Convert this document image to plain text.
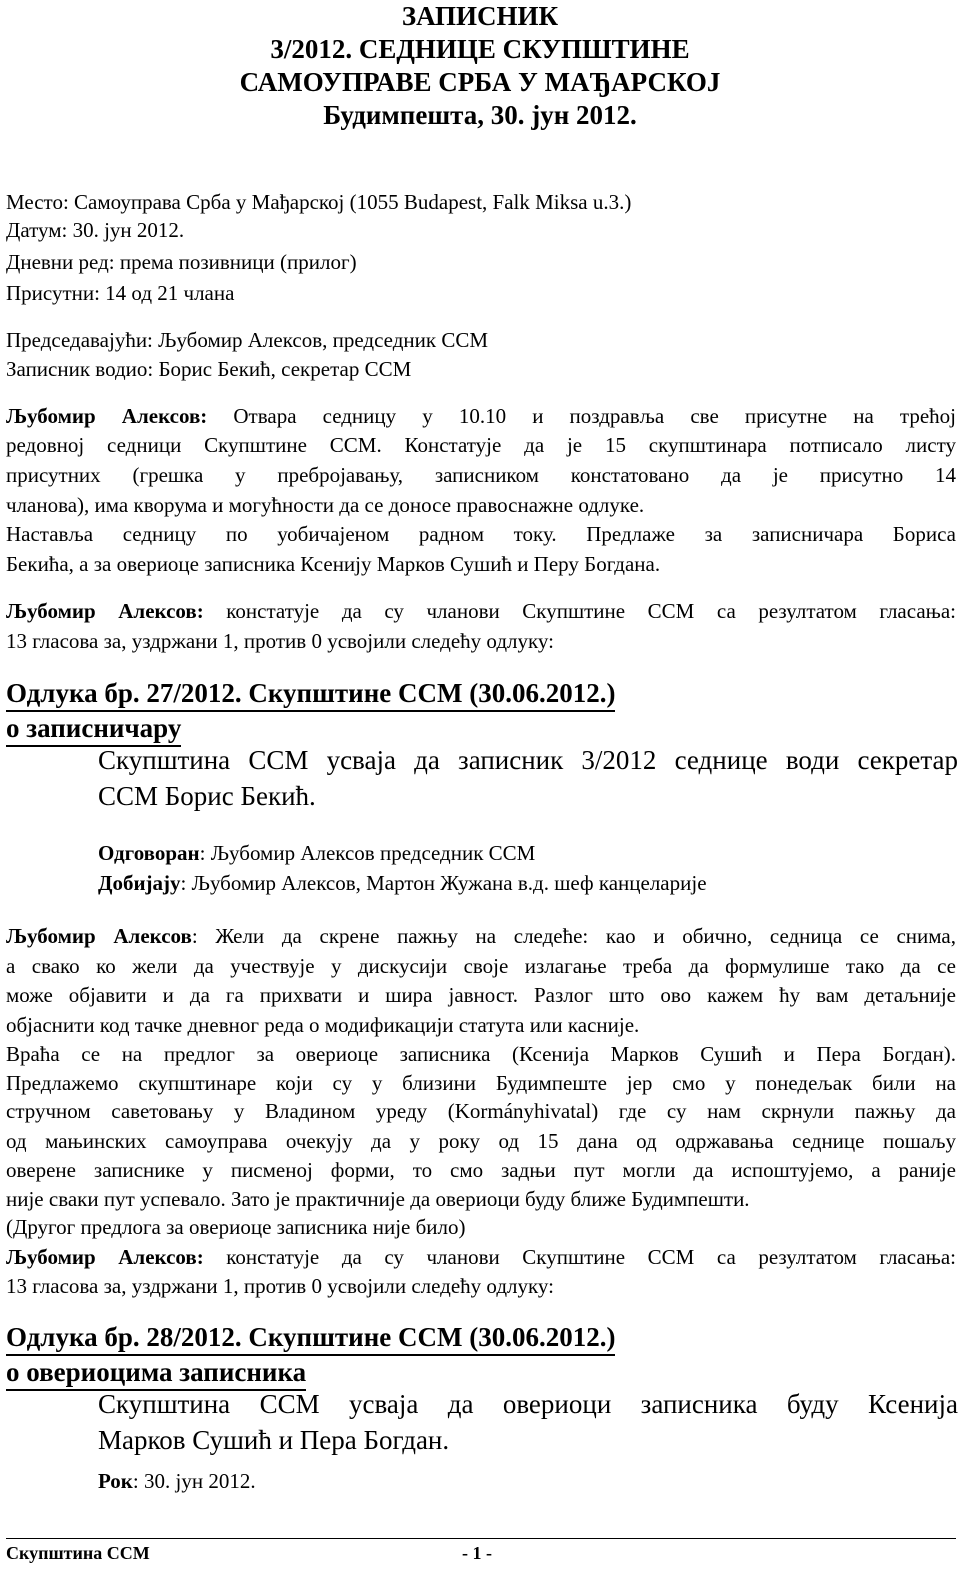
ЗАПИСНИК
3/2012. СЕДНИЦЕ СКУПШТИНЕ
САМОУПРАВЕ СРБА У МАЂАРСКОЈ
Будимпешта, 30. јун 2012.
Место: Самоуправа Срба у Мађарској (1055 Budapest, Falk Miksa u.3.)
Датум: 30. јун 2012.
Дневни ред: према позивници (прилог)
Присутни: 14 од 21 члана
Председавајући: Љубомир Алексов, председник ССМ
Записник водио: Борис Бекић, секретар ССМ
Љубомир Алексов: Отвара седницу у 10.10 и поздравља све присутне на трећој
редовној седници Скупштине ССМ. Констатује да је 15 скупштинара потписало листу
присутних (грешка у пребројавању, записником констатовано да је присутно 14
чланова), има кворума и могућности да се доносе правоснажне одлуке.
Наставља седницу по уобичајеном радном току. Предлаже за записничара Бориса
Бекића, а за овериоце записника Ксенију Марков Сушић и Перу Богдана.
Љубомир Алексов: констатује да су чланови Скупштине ССМ са резултатом гласања:
13 гласова за, уздржани 1, против 0 усвојили следећу одлуку:
Одлука бр. 27/2012. Скупштине ССМ (30.06.2012.)
о записничару
Скупштина ССМ усваја да записник 3/2012 седнице води секретар
ССМ Борис Бекић.
Одговоран: Љубомир Алексов председник ССМ
Добијају: Љубомир Алексов, Мартон Жужана в.д. шеф канцеларије
Љубомир Алексов: Жели да скрене пажњу на следеће: као и обично, седница се снима,
а свако ко жели да учествује у дискусији своје излагање треба да формулише тако да се
може објавити и да га прихвати и шира јавност. Разлог што ово кажем ћу вам детаљније
објаснити код тачке дневног реда о модификацији статута или касније.
Враћа се на предлог за овериоце записника (Ксенија Марков Сушић и Пера Богдан).
Предлажемо скупштинаре који су у близини Будимпеште јер смо у понедељак били на
стручном саветовању у Владином уреду (Kormányhivatal) где су нам скрнули пажњу да
од мањинских самоуправа очекују да у року од 15 дана од одржавања седнице пошаљу
оверене записнике у писменој форми, то смо задњи пут могли да испоштујемо, а раније
није сваки пут успевало. Зато је практичније да овериоци буду ближе Будимпешти.
(Другог предлога за овериоце записника није било)
Љубомир Алексов: констатује да су чланови Скупштине ССМ са резултатом гласања:
13 гласова за, уздржани 1, против 0 усвојили следећу одлуку:
Одлука бр. 28/2012. Скупштине ССМ (30.06.2012.)
о овериоцима записника
Скупштина ССМ усваја да овериоци записника буду Ксенија
Марков Сушић и Пера Богдан.
Рок: 30. јун 2012.
Скупштина ССМ	- 1 -
